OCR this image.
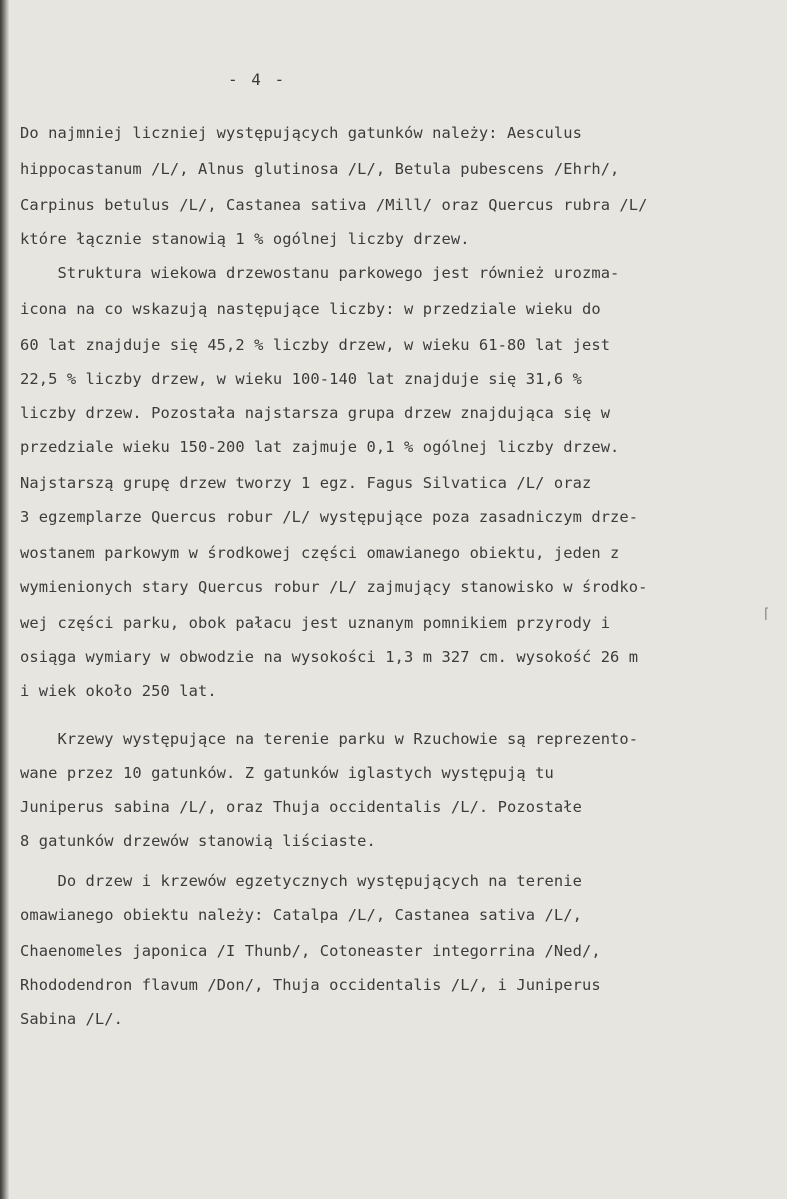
- 4 -
Do najmniej liczniej występujących gatunków należy: Aesculus
hippocastanum /L/, Alnus glutinosa /L/, Betula pubescens /Ehrh/,
Carpinus betulus /L/, Castanea sativa /Mill/ oraz Quercus rubra /L/
które łącznie stanowią 1 % ogólnej liczby drzew.
Struktura wiekowa drzewostanu parkowego jest również urozma-
icona na co wskazują następujące liczby: w przedziale wieku do
60 lat znajduje się 45,2 % liczby drzew, w wieku 61-80 lat jest
22,5 % liczby drzew, w wieku 100-140 lat znajduje się 31,6 %
liczby drzew. Pozostała najstarsza grupa drzew znajdująca się w
przedziale wieku 150-200 lat zajmuje 0,1 % ogólnej liczby drzew.
Najstarszą grupę drzew tworzy 1 egz. Fagus Silvatica /L/ oraz
3 egzemplarze Quercus robur /L/ występujące poza zasadniczym drze-
wostanem parkowym w środkowej części omawianego obiektu, jeden z
wymienionych stary Quercus robur /L/ zajmujący stanowisko w środko-
wej części parku, obok pałacu jest uznanym pomnikiem przyrody i
osiąga wymiary w obwodzie na wysokości 1,3 m 327 cm. wysokość 26 m
i wiek około 250 lat.
Krzewy występujące na terenie parku w Rzuchowie są reprezento-
wane przez 10 gatunków. Z gatunków iglastych występują tu
Juniperus sabina /L/, oraz Thuja occidentalis /L/. Pozostałe
8 gatunków drzewów stanowią liściaste.
Do drzew i krzewów egzetycznych występujących na terenie
omawianego obiektu należy: Catalpa /L/, Castanea sativa /L/,
Chaenomeles japonica /I Thunb/, Cotoneaster integorrina /Ned/,
Rhododendron flavum /Don/, Thuja occidentalis /L/, i Juniperus
Sabina /L/.
⌈
